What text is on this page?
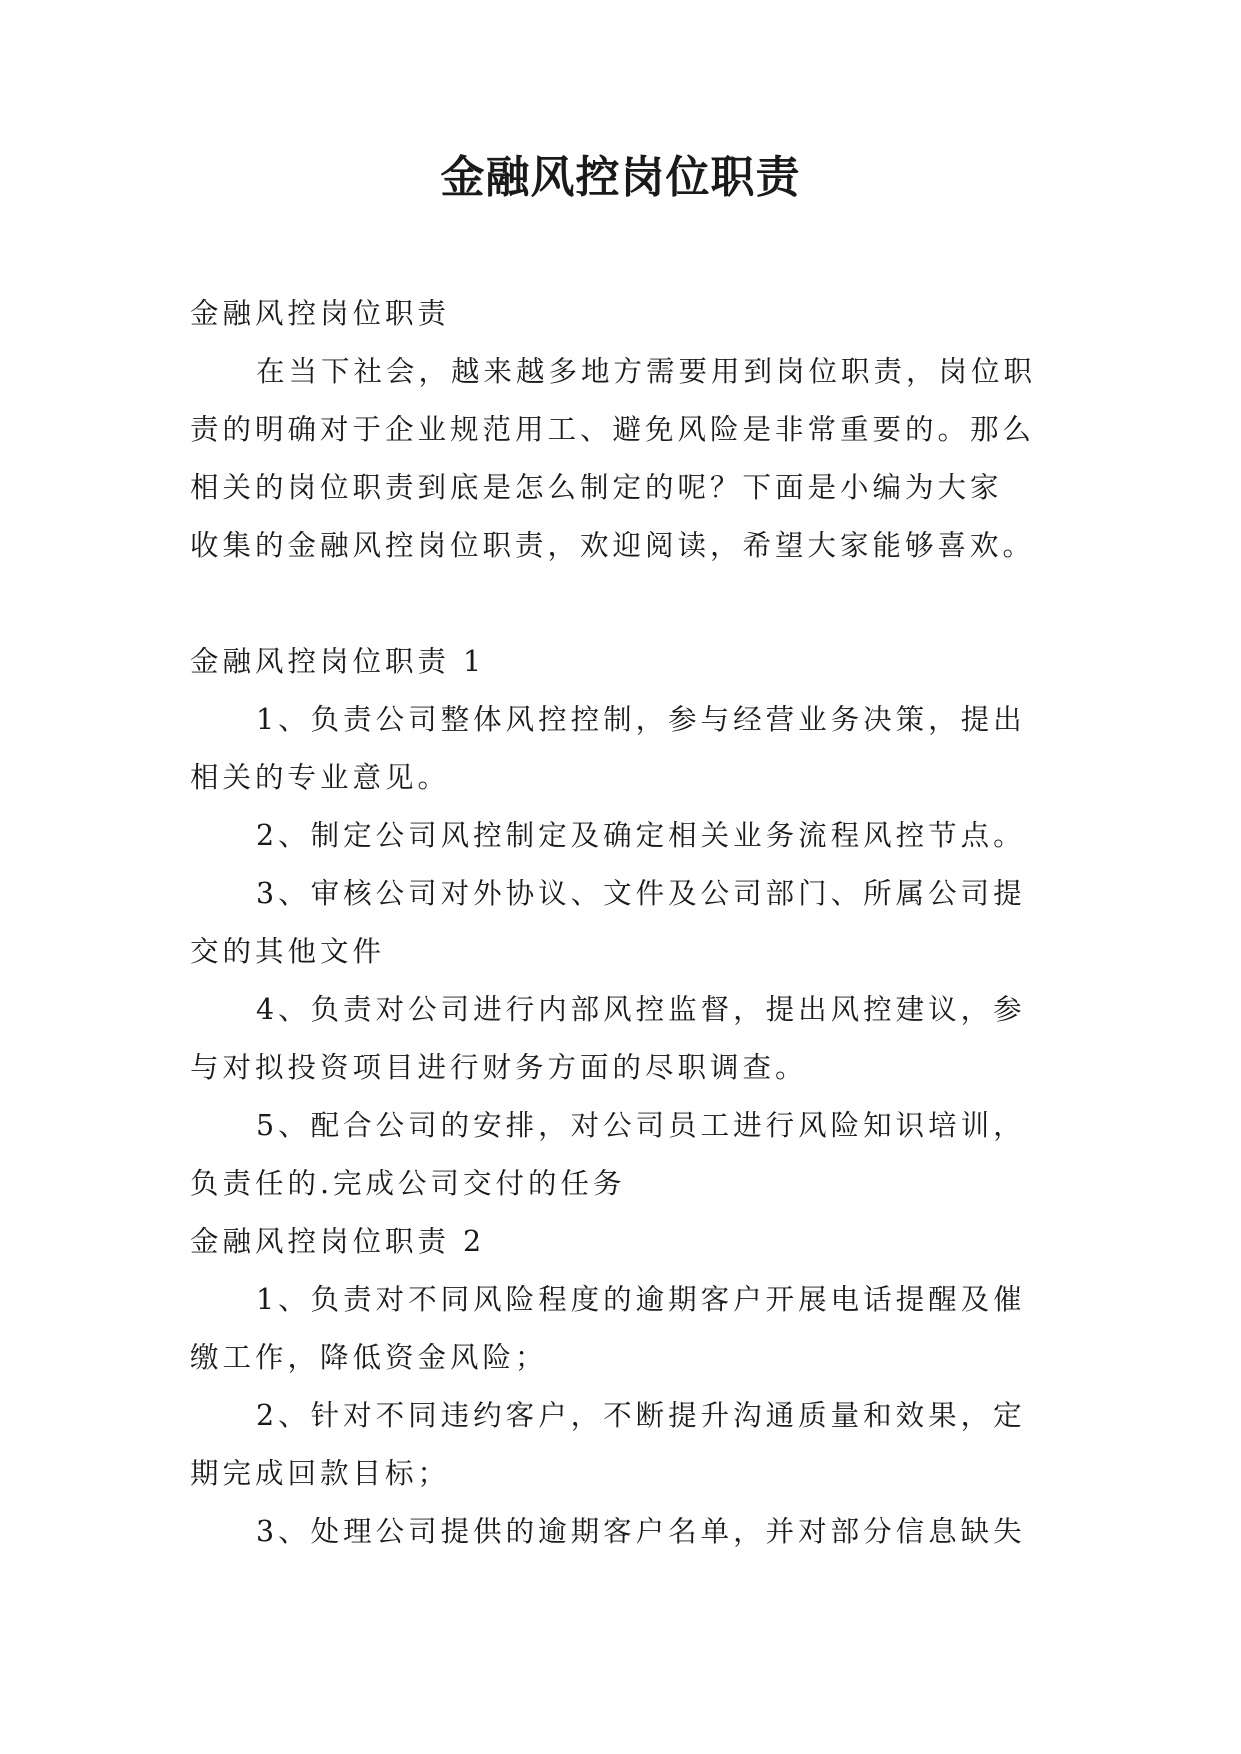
金融风控岗位职责

金融风控岗位职责

在当下社会，越来越多地方需要用到岗位职责，岗位职

责的明确对于企业规范用工、避免风险是非常重要的。那么

相关的岗位职责到底是怎么制定的呢？下面是小编为大家

收集的金融风控岗位职责，欢迎阅读，希望大家能够喜欢。

金融风控岗位职责 1

1、负责公司整体风控控制，参与经营业务决策，提出

相关的专业意见。

2、制定公司风控制定及确定相关业务流程风控节点。

3、审核公司对外协议、文件及公司部门、所属公司提

交的其他文件

4、负责对公司进行内部风控监督，提出风控建议，参

与对拟投资项目进行财务方面的尽职调查。

5、配合公司的安排，对公司员工进行风险知识培训，

负责任的.完成公司交付的任务

金融风控岗位职责 2

1、负责对不同风险程度的逾期客户开展电话提醒及催

缴工作，降低资金风险；

2、针对不同违约客户，不断提升沟通质量和效果，定

期完成回款目标；

3、处理公司提供的逾期客户名单，并对部分信息缺失
